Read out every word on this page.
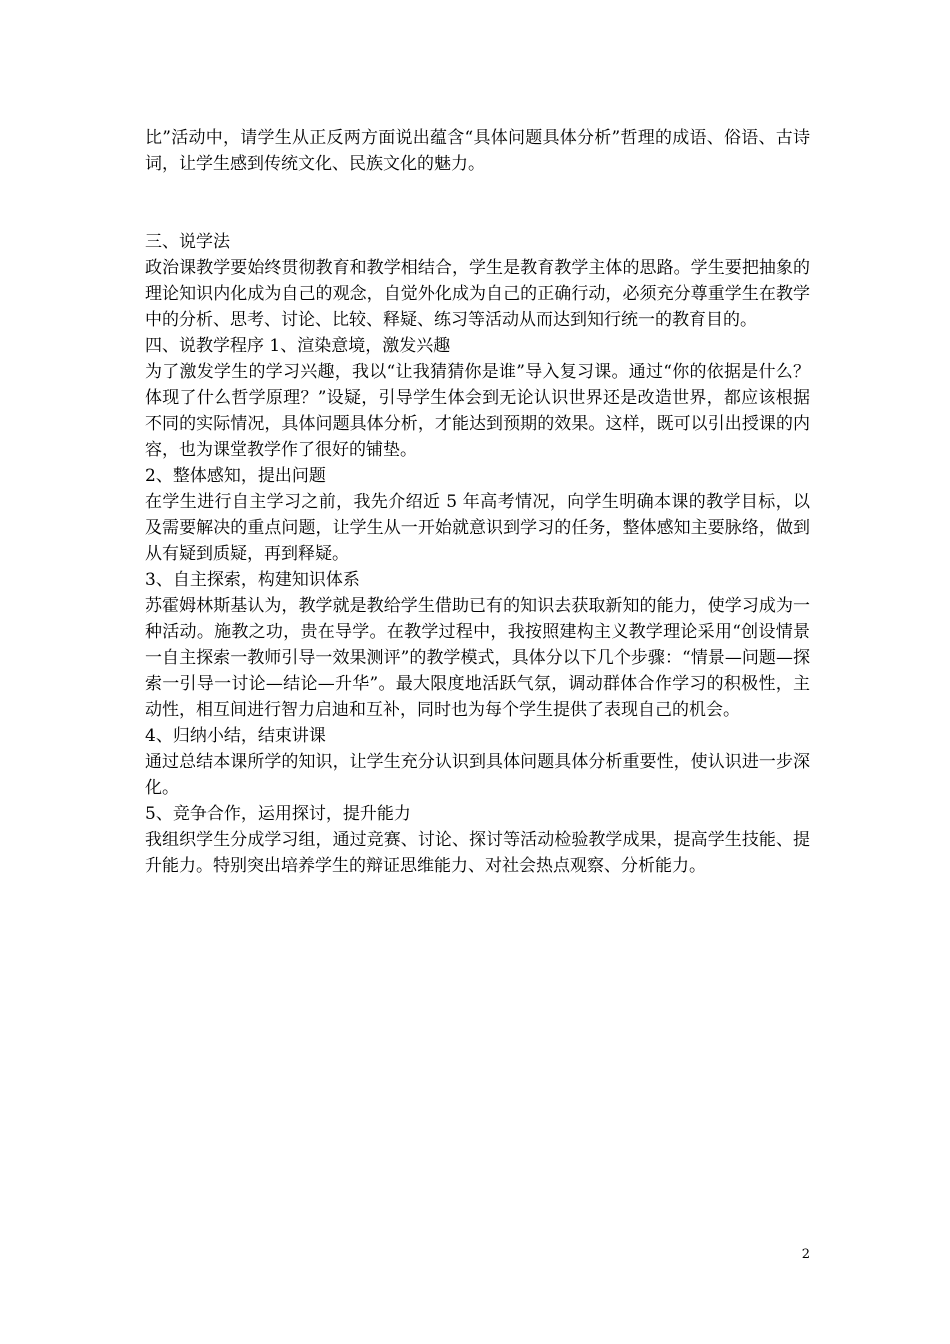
比”活动中，请学生从正反两方面说出蕴含“具体问题具体分析”哲理的成语、俗语、古诗词，让学生感到传统文化、民族文化的魅力。

三、说学法

政治课教学要始终贯彻教育和教学相结合，学生是教育教学主体的思路。学生要把抽象的理论知识内化成为自己的观念，自觉外化成为自己的正确行动，必须充分尊重学生在教学中的分析、思考、讨论、比较、释疑、练习等活动从而达到知行统一的教育目的。

四、说教学程序 1、渲染意境，激发兴趣

为了激发学生的学习兴趣，我以“让我猜猜你是谁”导入复习课。通过“你的依据是什么？体现了什么哲学原理？”设疑，引导学生体会到无论认识世界还是改造世界，都应该根据不同的实际情况，具体问题具体分析，才能达到预期的效果。这样，既可以引出授课的内容，也为课堂教学作了很好的铺垫。

2、整体感知，提出问题

在学生进行自主学习之前，我先介绍近 5 年高考情况，向学生明确本课的教学目标，以及需要解决的重点问题，让学生从一开始就意识到学习的任务，整体感知主要脉络，做到从有疑到质疑，再到释疑。

3、自主探索，构建知识体系

苏霍姆林斯基认为，教学就是教给学生借助已有的知识去获取新知的能力，使学习成为一种活动。施教之功，贵在导学。在教学过程中，我按照建构主义教学理论采用“创设情景一自主探索一教师引导一效果测评”的教学模式，具体分以下几个步骤：“情景—问题—探索一引导一讨论—结论—升华”。最大限度地活跃气氛，调动群体合作学习的积极性，主动性，相互间进行智力启迪和互补，同时也为每个学生提供了表现自己的机会。

4、归纳小结，结束讲课

通过总结本课所学的知识，让学生充分认识到具体问题具体分析重要性，使认识进一步深化。

5、竞争合作，运用探讨，提升能力

我组织学生分成学习组，通过竞赛、讨论、探讨等活动检验教学成果，提高学生技能、提升能力。特别突出培养学生的辩证思维能力、对社会热点观察、分析能力。

2
